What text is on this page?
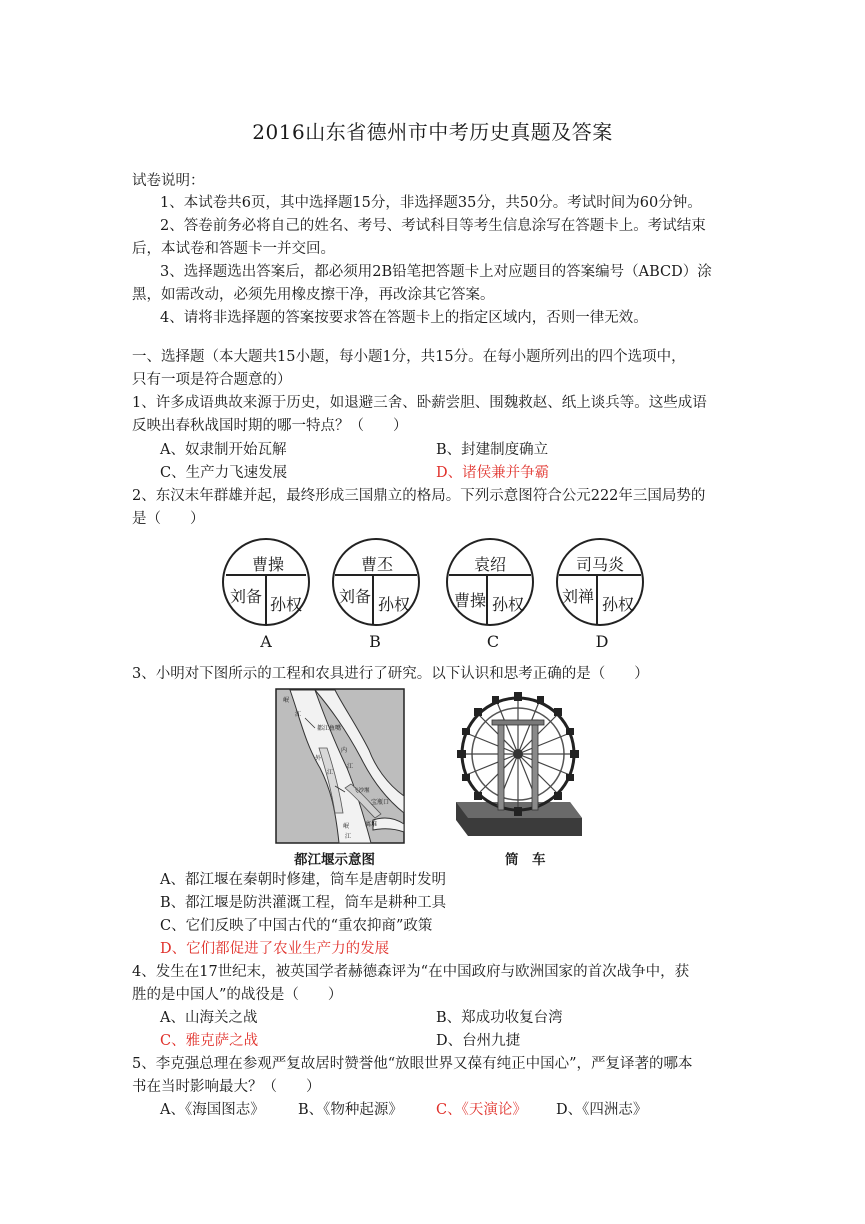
2016山东省德州市中考历史真题及答案
试卷说明：
1、本试卷共6页，其中选择题15分，非选择题35分，共50分。考试时间为60分钟。
2、答卷前务必将自己的姓名、考号、考试科目等考生信息涂写在答题卡上。考试结束
后，本试卷和答题卡一并交回。
3、选择题选出答案后，都必须用2B铅笔把答题卡上对应题目的答案编号（ABCD）涂
黑，如需改动，必须先用橡皮擦干净，再改涂其它答案。
4、请将非选择题的答案按要求答在答题卡上的指定区域内，否则一律无效。
一、选择题（本大题共15小题，每小题1分，共15分。在每小题所列出的四个选项中，
只有一项是符合题意的）
1、许多成语典故来源于历史，如退避三舍、卧薪尝胆、围魏救赵、纸上谈兵等。这些成语
反映出春秋战国时期的哪一特点？（　　）
A、奴隶制开始瓦解	B、封建制度确立
C、生产力飞速发展	D、诸侯兼并争霸
2、东汉末年群雄并起，最终形成三国鼎立的格局。下列示意图符合公元222年三国局势的
是（　　）
曹操
刘备 孙权
A
曹丕
刘备 孙权
B
袁绍
曹操 孙权
C
司马炎
刘禅 孙权
D
3、小明对下图所示的工程和农具进行了研究。以下认识和思考正确的是（　　）
岷
江
都江鱼嘴
外
内
江
江
宝瓶口
飞沙堰
离堆
岷
江
都江堰示意图	筒　车
A、都江堰在秦朝时修建，筒车是唐朝时发明
B、都江堰是防洪灌溉工程，筒车是耕种工具
C、它们反映了中国古代的“重农抑商”政策
D、它们都促进了农业生产力的发展
4、发生在17世纪末，被英国学者赫德森评为“在中国政府与欧洲国家的首次战争中，获
胜的是中国人”的战役是（　　）
A、山海关之战	B、郑成功收复台湾
C、雅克萨之战	D、台州九捷
5、李克强总理在参观严复故居时赞誉他“放眼世界又葆有纯正中国心”，严复译著的哪本
书在当时影响最大？（　　）
A、《海国图志》 B、《物种起源》 C、《天演论》 D、《四洲志》
